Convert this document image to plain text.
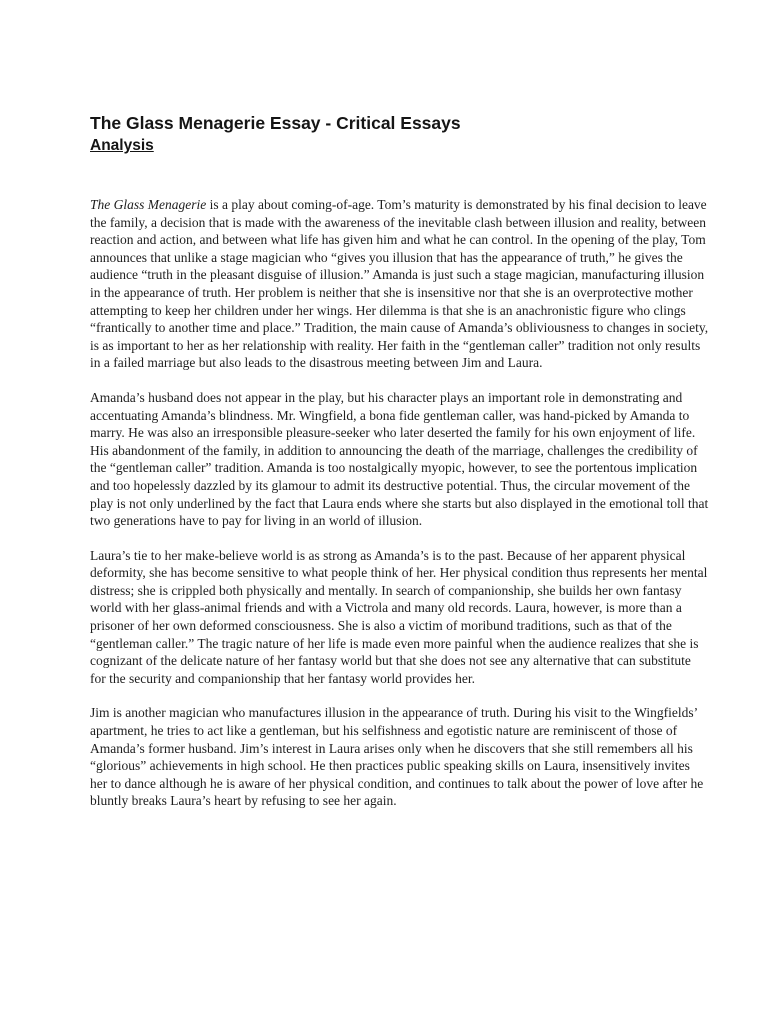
The Glass Menagerie Essay - Critical Essays
Analysis

The Glass Menagerie is a play about coming-of-age. Tom’s maturity is demonstrated by his final decision to leave the family, a decision that is made with the awareness of the inevitable clash between illusion and reality, between reaction and action, and between what life has given him and what he can control. In the opening of the play, Tom announces that unlike a stage magician who “gives you illusion that has the appearance of truth,” he gives the audience “truth in the pleasant disguise of illusion.” Amanda is just such a stage magician, manufacturing illusion in the appearance of truth. Her problem is neither that she is insensitive nor that she is an overprotective mother attempting to keep her children under her wings. Her dilemma is that she is an anachronistic figure who clings “frantically to another time and place.” Tradition, the main cause of Amanda’s obliviousness to changes in society, is as important to her as her relationship with reality. Her faith in the “gentleman caller” tradition not only results in a failed marriage but also leads to the disastrous meeting between Jim and Laura.

Amanda’s husband does not appear in the play, but his character plays an important role in demonstrating and accentuating Amanda’s blindness. Mr. Wingfield, a bona fide gentleman caller, was hand-picked by Amanda to marry. He was also an irresponsible pleasure-seeker who later deserted the family for his own enjoyment of life. His abandonment of the family, in addition to announcing the death of the marriage, challenges the credibility of the “gentleman caller” tradition. Amanda is too nostalgically myopic, however, to see the portentous implication and too hopelessly dazzled by its glamour to admit its destructive potential. Thus, the circular movement of the play is not only underlined by the fact that Laura ends where she starts but also displayed in the emotional toll that two generations have to pay for living in an world of illusion.

Laura’s tie to her make-believe world is as strong as Amanda’s is to the past. Because of her apparent physical deformity, she has become sensitive to what people think of her. Her physical condition thus represents her mental distress; she is crippled both physically and mentally. In search of companionship, she builds her own fantasy world with her glass-animal friends and with a Victrola and many old records. Laura, however, is more than a prisoner of her own deformed consciousness. She is also a victim of moribund traditions, such as that of the “gentleman caller.” The tragic nature of her life is made even more painful when the audience realizes that she is cognizant of the delicate nature of her fantasy world but that she does not see any alternative that can substitute for the security and companionship that her fantasy world provides her.

Jim is another magician who manufactures illusion in the appearance of truth. During his visit to the Wingfields’ apartment, he tries to act like a gentleman, but his selfishness and egotistic nature are reminiscent of those of Amanda’s former husband. Jim’s interest in Laura arises only when he discovers that she still remembers all his “glorious” achievements in high school. He then practices public speaking skills on Laura, insensitively invites her to dance although he is aware of her physical condition, and continues to talk about the power of love after he bluntly breaks Laura’s heart by refusing to see her again.
